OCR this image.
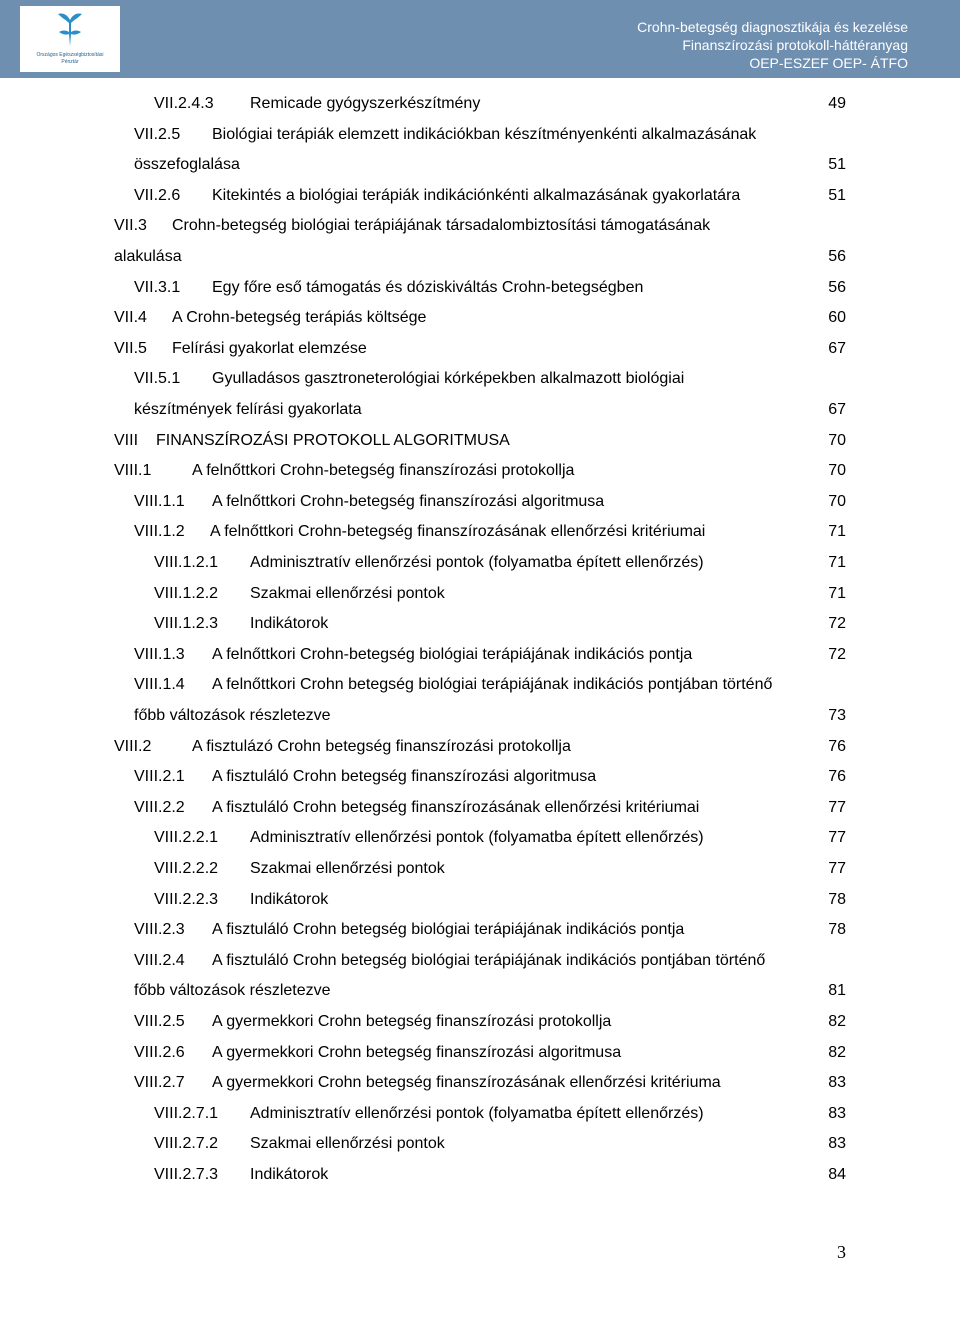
Országos Egészségbiztosítási
Pénztár
Crohn-betegség diagnosztikája és kezelése
Finanszírozási protokoll-háttéranyag
OEP-ESZEF OEP- ÁTFO
VII.2.4.3 Remicade gyógyszerkészítmény	49
VII.2.5 Biológiai terápiák elemzett indikációkban készítményenkénti alkalmazásának
összefoglalása	51
VII.2.6 Kitekintés a biológiai terápiák indikációnkénti alkalmazásának gyakorlatára	51
VII.3 Crohn-betegség biológiai terápiájának társadalombiztosítási támogatásának
alakulása	56
VII.3.1 Egy főre eső támogatás és dóziskiváltás Crohn-betegségben	56
VII.4 A Crohn-betegség terápiás költsége	60
VII.5 Felírási gyakorlat elemzése	67
VII.5.1 Gyulladásos gasztroneterológiai kórképekben alkalmazott biológiai
készítmények felírási gyakorlata	67
VIII FINANSZÍROZÁSI PROTOKOLL ALGORITMUSA	70
VIII.1	A felnőttkori Crohn-betegség finanszírozási protokollja	70
VIII.1.1 A felnőttkori Crohn-betegség finanszírozási algoritmusa	70
VIII.1.2 A felnőttkori Crohn-betegség finanszírozásának ellenőrzési kritériumai	71
VIII.1.2.1 Adminisztratív ellenőrzési pontok (folyamatba épített ellenőrzés)	71
VIII.1.2.2 Szakmai ellenőrzési pontok	71
VIII.1.2.3 Indikátorok	72
VIII.1.3 A felnőttkori Crohn-betegség biológiai terápiájának indikációs pontja	72
VIII.1.4 A felnőttkori Crohn betegség biológiai terápiájának indikációs pontjában történő
főbb változások részletezve	73
VIII.2	A fisztulázó Crohn betegség finanszírozási protokollja	76
VIII.2.1 A fisztuláló Crohn betegség finanszírozási algoritmusa	76
VIII.2.2 A fisztuláló Crohn betegség finanszírozásának ellenőrzési kritériumai	77
VIII.2.2.1 Adminisztratív ellenőrzési pontok (folyamatba épített ellenőrzés)	77
VIII.2.2.2 Szakmai ellenőrzési pontok	77
VIII.2.2.3 Indikátorok	78
VIII.2.3 A fisztuláló Crohn betegség biológiai terápiájának indikációs pontja	78
VIII.2.4 A fisztuláló Crohn betegség biológiai terápiájának indikációs pontjában történő
főbb változások részletezve	81
VIII.2.5 A gyermekkori Crohn betegség finanszírozási protokollja	82
VIII.2.6 A gyermekkori Crohn betegség finanszírozási algoritmusa	82
VIII.2.7 A gyermekkori Crohn betegség finanszírozásának ellenőrzési kritériuma	83
VIII.2.7.1 Adminisztratív ellenőrzési pontok (folyamatba épített ellenőrzés)	83
VIII.2.7.2 Szakmai ellenőrzési pontok	83
VIII.2.7.3 Indikátorok	84
3
